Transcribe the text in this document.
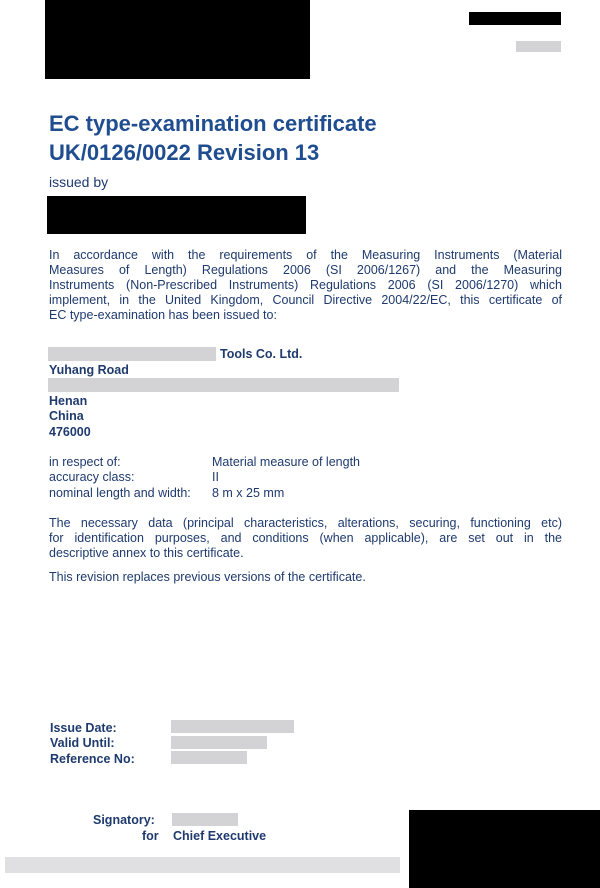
EC type-examination certificate
UK/0126/0022 Revision 13
issued by
In accordance with the requirements of the Measuring Instruments (Material
Measures of Length) Regulations 2006 (SI 2006/1267) and the Measuring
Instruments (Non-Prescribed Instruments) Regulations 2006 (SI 2006/1270) which
implement, in the United Kingdom, Council Directive 2004/22/EC, this certificate of
EC type-examination has been issued to:
Tools Co. Ltd.
Yuhang Road
Henan
China
476000
in respect of:	Material measure of length
accuracy class:	II
nominal length and width: 8 m x 25 mm
The necessary data (principal characteristics, alterations, securing, functioning etc)
for identification purposes, and conditions (when applicable), are set out in the
descriptive annex to this certificate.
This revision replaces previous versions of the certificate.
Issue Date:
Valid Until:
Reference No:
Signatory:
for Chief Executive
